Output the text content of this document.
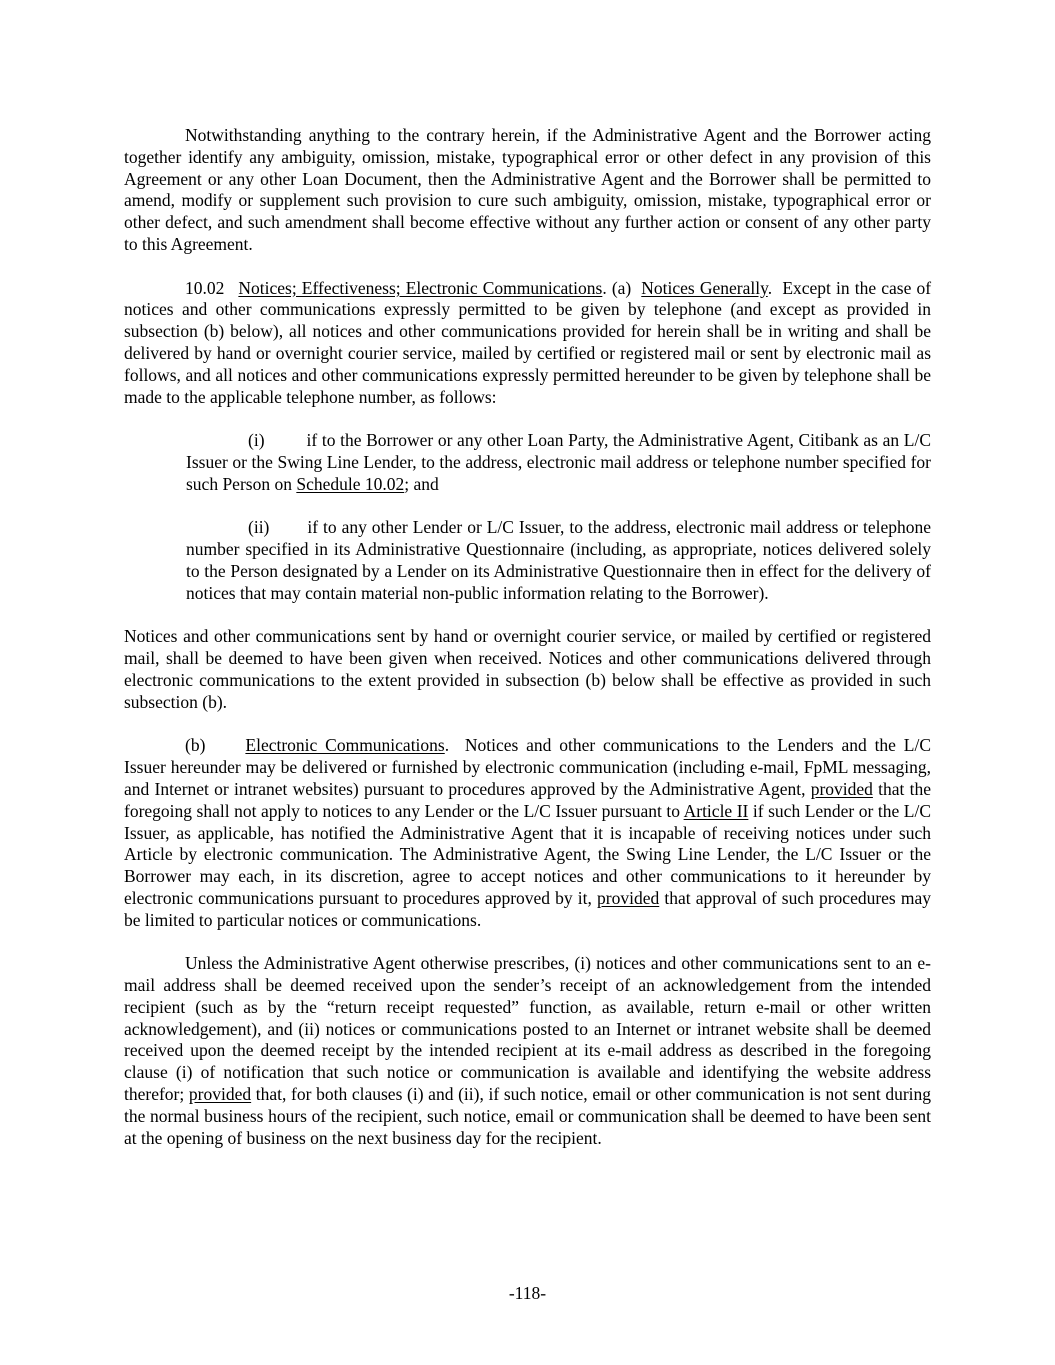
Notwithstanding anything to the contrary herein, if the Administrative Agent and the Borrower acting together identify any ambiguity, omission, mistake, typographical error or other defect in any provision of this Agreement or any other Loan Document, then the Administrative Agent and the Borrower shall be permitted to amend, modify or supplement such provision to cure such ambiguity, omission, mistake, typographical error or other defect, and such amendment shall become effective without any further action or consent of any other party to this Agreement.

10.02 Notices; Effectiveness; Electronic Communications. (a) Notices Generally. Except in the case of notices and other communications expressly permitted to be given by telephone (and except as provided in subsection (b) below), all notices and other communications provided for herein shall be in writing and shall be delivered by hand or overnight courier service, mailed by certified or registered mail or sent by electronic mail as follows, and all notices and other communications expressly permitted hereunder to be given by telephone shall be made to the applicable telephone number, as follows:

(i) if to the Borrower or any other Loan Party, the Administrative Agent, Citibank as an L/C Issuer or the Swing Line Lender, to the address, electronic mail address or telephone number specified for such Person on Schedule 10.02; and

(ii) if to any other Lender or L/C Issuer, to the address, electronic mail address or telephone number specified in its Administrative Questionnaire (including, as appropriate, notices delivered solely to the Person designated by a Lender on its Administrative Questionnaire then in effect for the delivery of notices that may contain material non-public information relating to the Borrower).

Notices and other communications sent by hand or overnight courier service, or mailed by certified or registered mail, shall be deemed to have been given when received. Notices and other communications delivered through electronic communications to the extent provided in subsection (b) below shall be effective as provided in such subsection (b).

(b) Electronic Communications. Notices and other communications to the Lenders and the L/C Issuer hereunder may be delivered or furnished by electronic communication (including e-mail, FpML messaging, and Internet or intranet websites) pursuant to procedures approved by the Administrative Agent, provided that the foregoing shall not apply to notices to any Lender or the L/C Issuer pursuant to Article II if such Lender or the L/C Issuer, as applicable, has notified the Administrative Agent that it is incapable of receiving notices under such Article by electronic communication. The Administrative Agent, the Swing Line Lender, the L/C Issuer or the Borrower may each, in its discretion, agree to accept notices and other communications to it hereunder by electronic communications pursuant to procedures approved by it, provided that approval of such procedures may be limited to particular notices or communications.

Unless the Administrative Agent otherwise prescribes, (i) notices and other communications sent to an e-mail address shall be deemed received upon the sender’s receipt of an acknowledgement from the intended recipient (such as by the “return receipt requested” function, as available, return e-mail or other written acknowledgement), and (ii) notices or communications posted to an Internet or intranet website shall be deemed received upon the deemed receipt by the intended recipient at its e-mail address as described in the foregoing clause (i) of notification that such notice or communication is available and identifying the website address therefor; provided that, for both clauses (i) and (ii), if such notice, email or other communication is not sent during the normal business hours of the recipient, such notice, email or communication shall be deemed to have been sent at the opening of business on the next business day for the recipient.

-118-
